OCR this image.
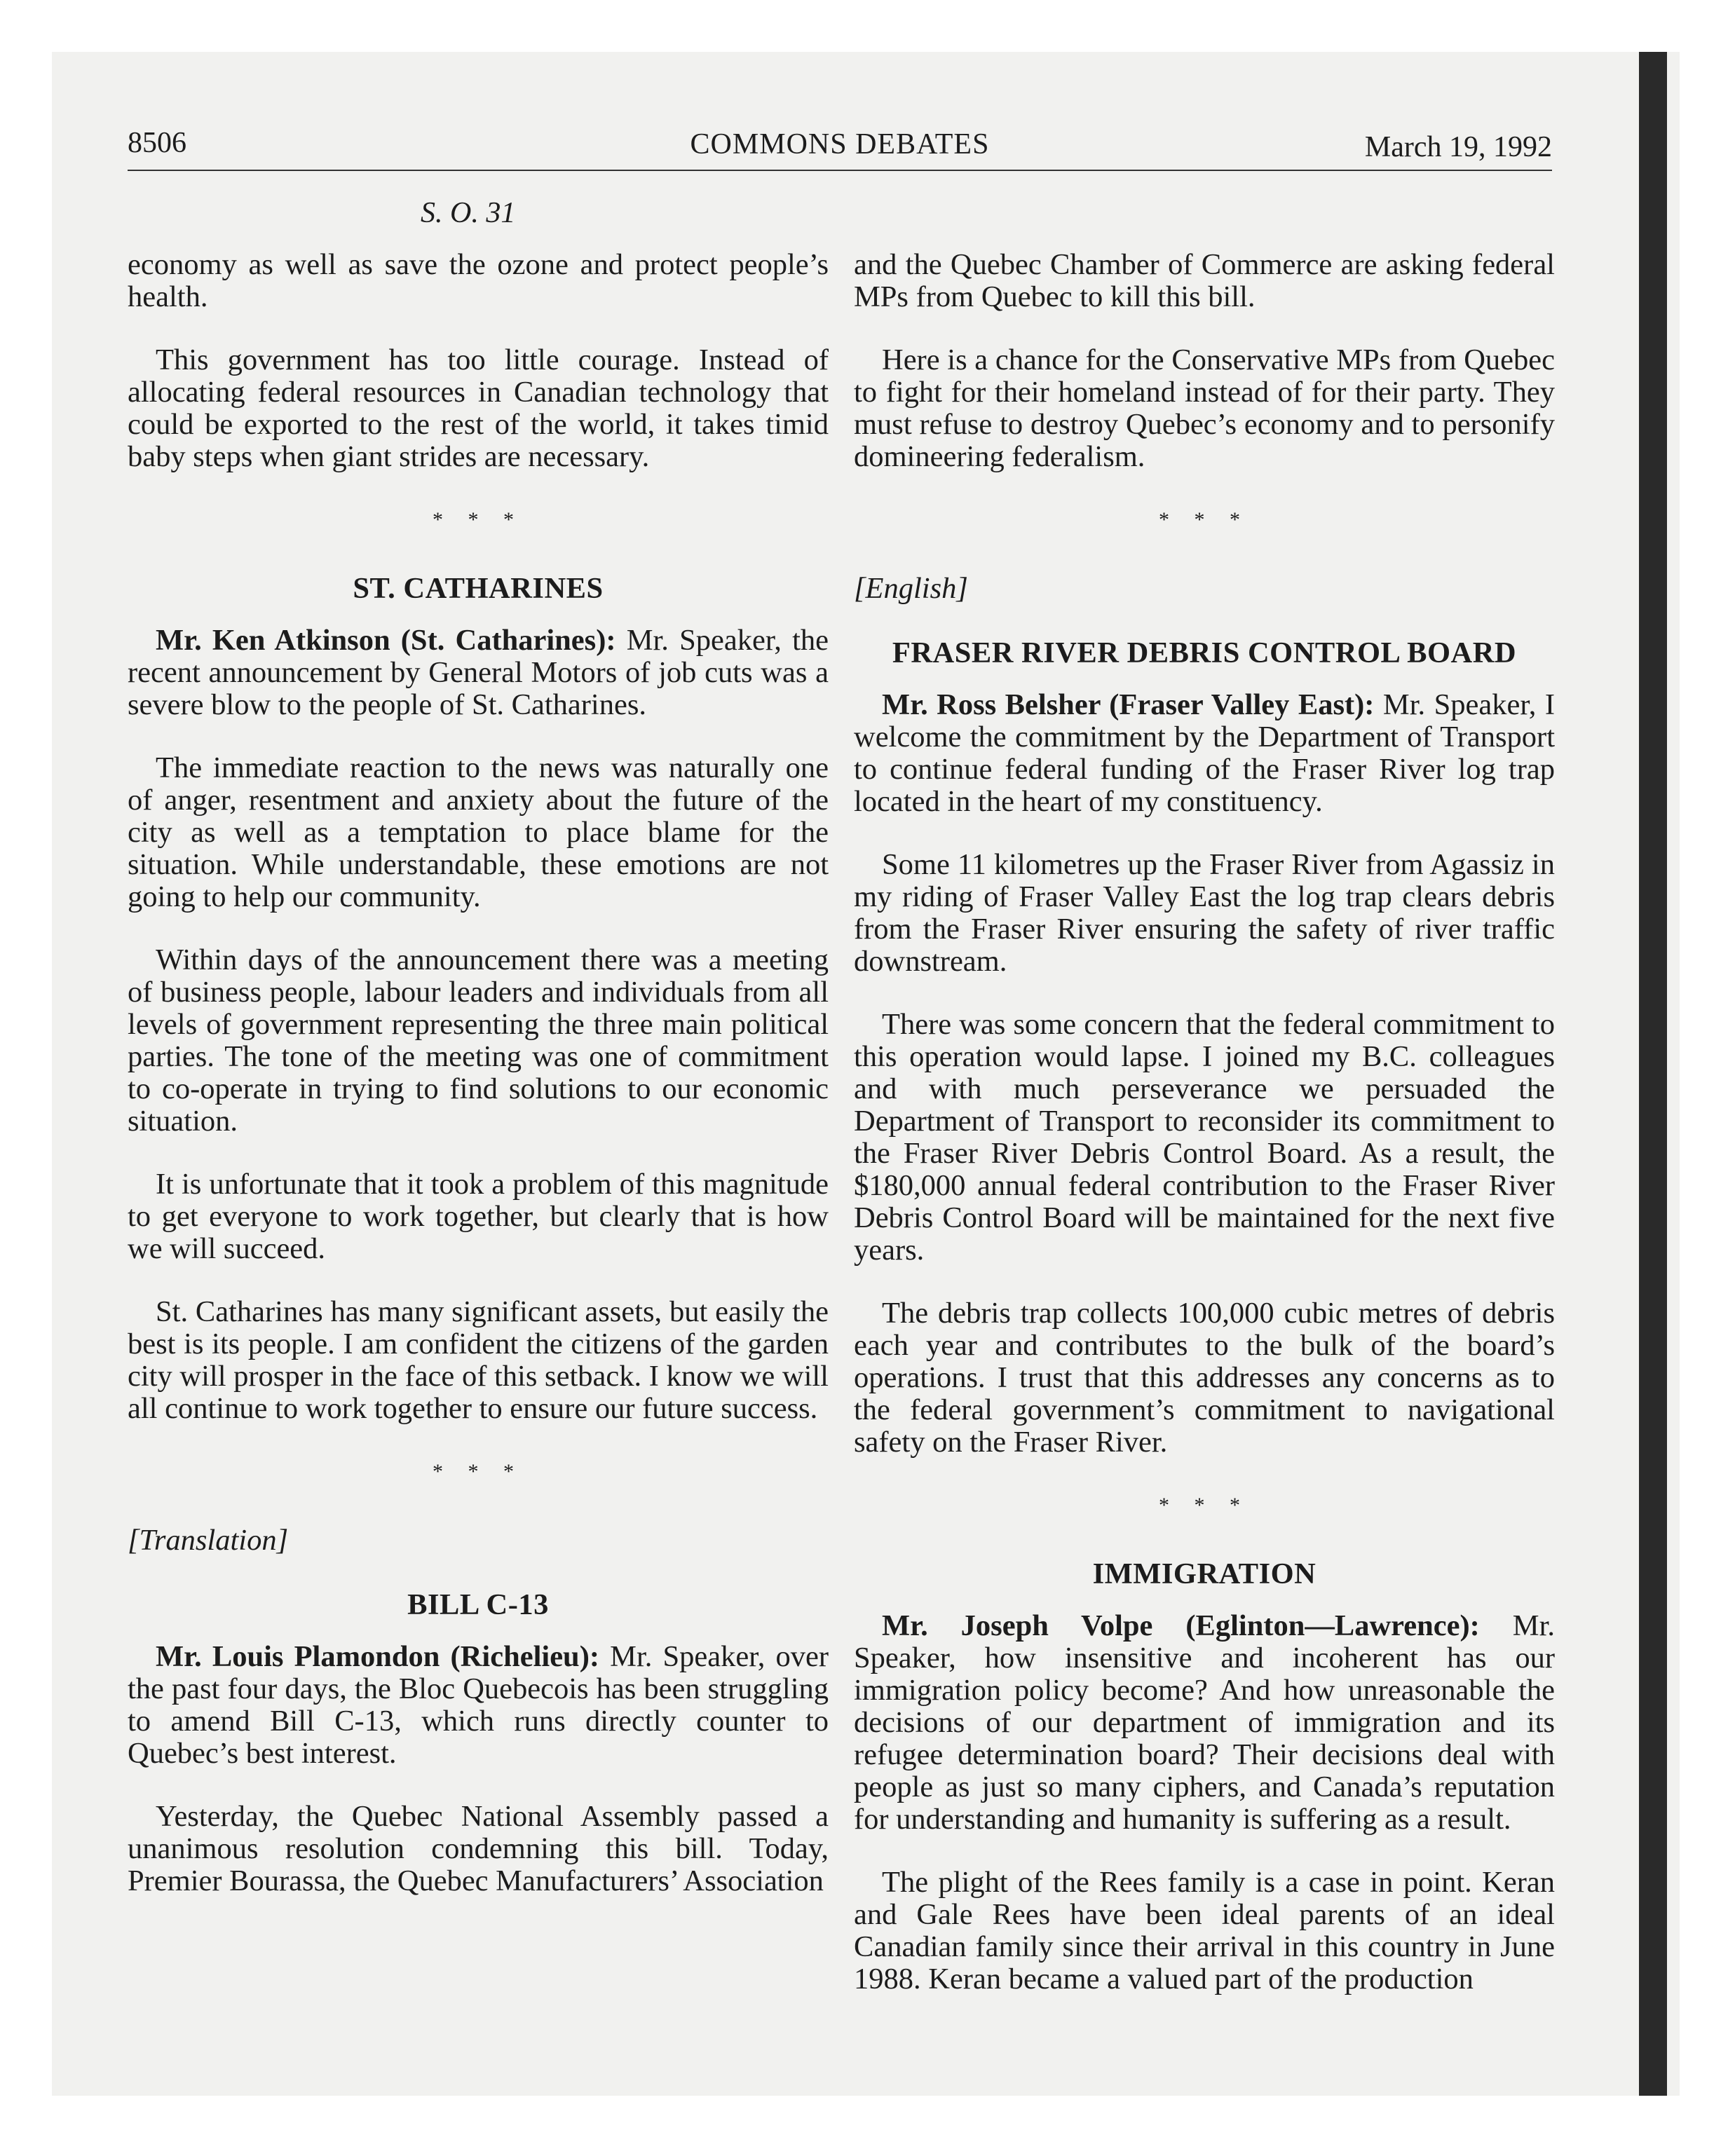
8506	COMMONS DEBATES	March 19, 1992
S. O. 31

economy as well as save the ozone and protect people’s health.

This government has too little courage. Instead of allocating federal resources in Canadian technology that could be exported to the rest of the world, it takes timid baby steps when giant strides are necessary.

* * *
ST. CATHARINES

Mr. Ken Atkinson (St. Catharines): Mr. Speaker, the recent announcement by General Motors of job cuts was a severe blow to the people of St. Catharines.

The immediate reaction to the news was naturally one of anger, resentment and anxiety about the future of the city as well as a temptation to place blame for the situation. While understandable, these emotions are not going to help our community.

Within days of the announcement there was a meeting of business people, labour leaders and individuals from all levels of government representing the three main political parties. The tone of the meeting was one of commitment to co-operate in trying to find solutions to our economic situation.

It is unfortunate that it took a problem of this magnitude to get everyone to work together, but clearly that is how we will succeed.

St. Catharines has many significant assets, but easily the best is its people. I am confident the citizens of the garden city will prosper in the face of this setback. I know we will all continue to work together to ensure our future success.

* * *
[Translation]
BILL C-13

Mr. Louis Plamondon (Richelieu): Mr. Speaker, over the past four days, the Bloc Quebecois has been struggling to amend Bill C-13, which runs directly counter to Quebec’s best interest.

Yesterday, the Quebec National Assembly passed a unanimous resolution condemning this bill. Today, Premier Bourassa, the Quebec Manufacturers’ Association

and the Quebec Chamber of Commerce are asking federal MPs from Quebec to kill this bill.

Here is a chance for the Conservative MPs from Quebec to fight for their homeland instead of for their party. They must refuse to destroy Quebec’s economy and to personify domineering federalism.

* * *
[English]
FRASER RIVER DEBRIS CONTROL BOARD

Mr. Ross Belsher (Fraser Valley East): Mr. Speaker, I welcome the commitment by the Department of Transport to continue federal funding of the Fraser River log trap located in the heart of my constituency.

Some 11 kilometres up the Fraser River from Agassiz in my riding of Fraser Valley East the log trap clears debris from the Fraser River ensuring the safety of river traffic downstream.

There was some concern that the federal commitment to this operation would lapse. I joined my B.C. colleagues and with much perseverance we persuaded the Department of Transport to reconsider its commitment to the Fraser River Debris Control Board. As a result, the $180,000 annual federal contribution to the Fraser River Debris Control Board will be maintained for the next five years.

The debris trap collects 100,000 cubic metres of debris each year and contributes to the bulk of the board’s operations. I trust that this addresses any concerns as to the federal government’s commitment to navigational safety on the Fraser River.

* * *
IMMIGRATION

Mr. Joseph Volpe (Eglinton—Lawrence): Mr. Speaker, how insensitive and incoherent has our immigration policy become? And how unreasonable the decisions of our department of immigration and its refugee determination board? Their decisions deal with people as just so many ciphers, and Canada’s reputation for understanding and humanity is suffering as a result.

The plight of the Rees family is a case in point. Keran and Gale Rees have been ideal parents of an ideal Canadian family since their arrival in this country in June 1988. Keran became a valued part of the production
